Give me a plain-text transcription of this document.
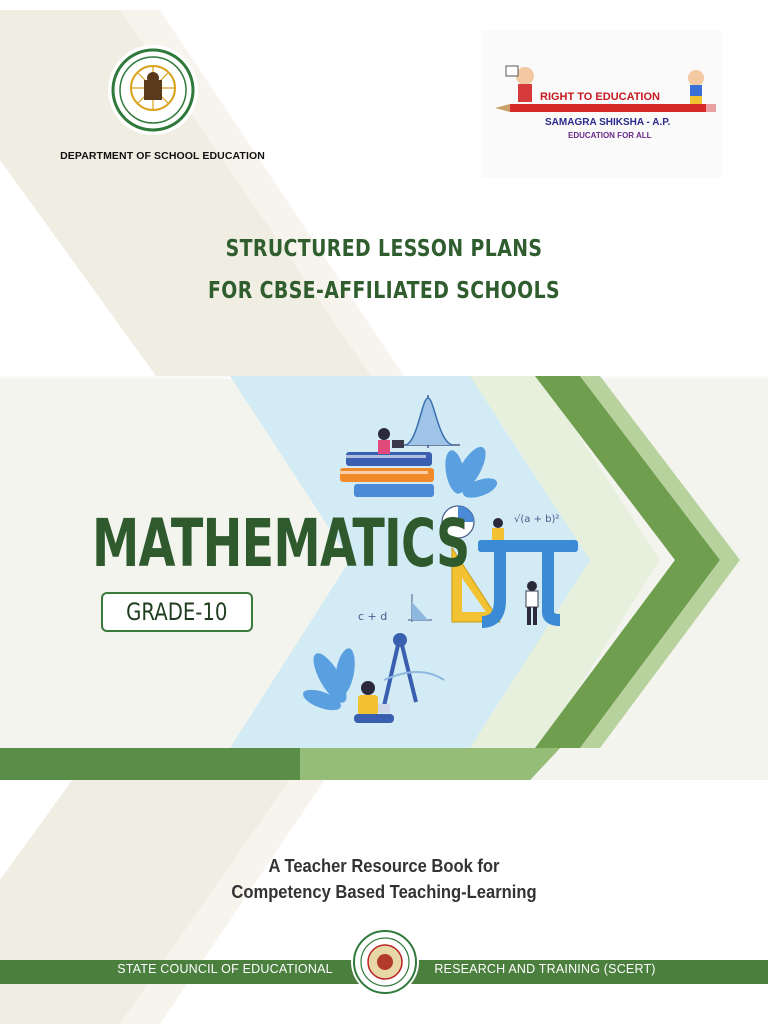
DEPARTMENT OF SCHOOL EDUCATION
RIGHT TO EDUCATION
SAMAGRA SHIKSHA - A.P.
EDUCATION FOR ALL
STRUCTURED LESSON PLANS
FOR CBSE-AFFILIATED SCHOOLS
√(a + b)²
c + d
MATHEMATICS
GRADE-10
A Teacher Resource Book for
Competency Based Teaching-Learning
STATE COUNCIL OF EDUCATIONAL	RESEARCH AND TRAINING (SCERT)
